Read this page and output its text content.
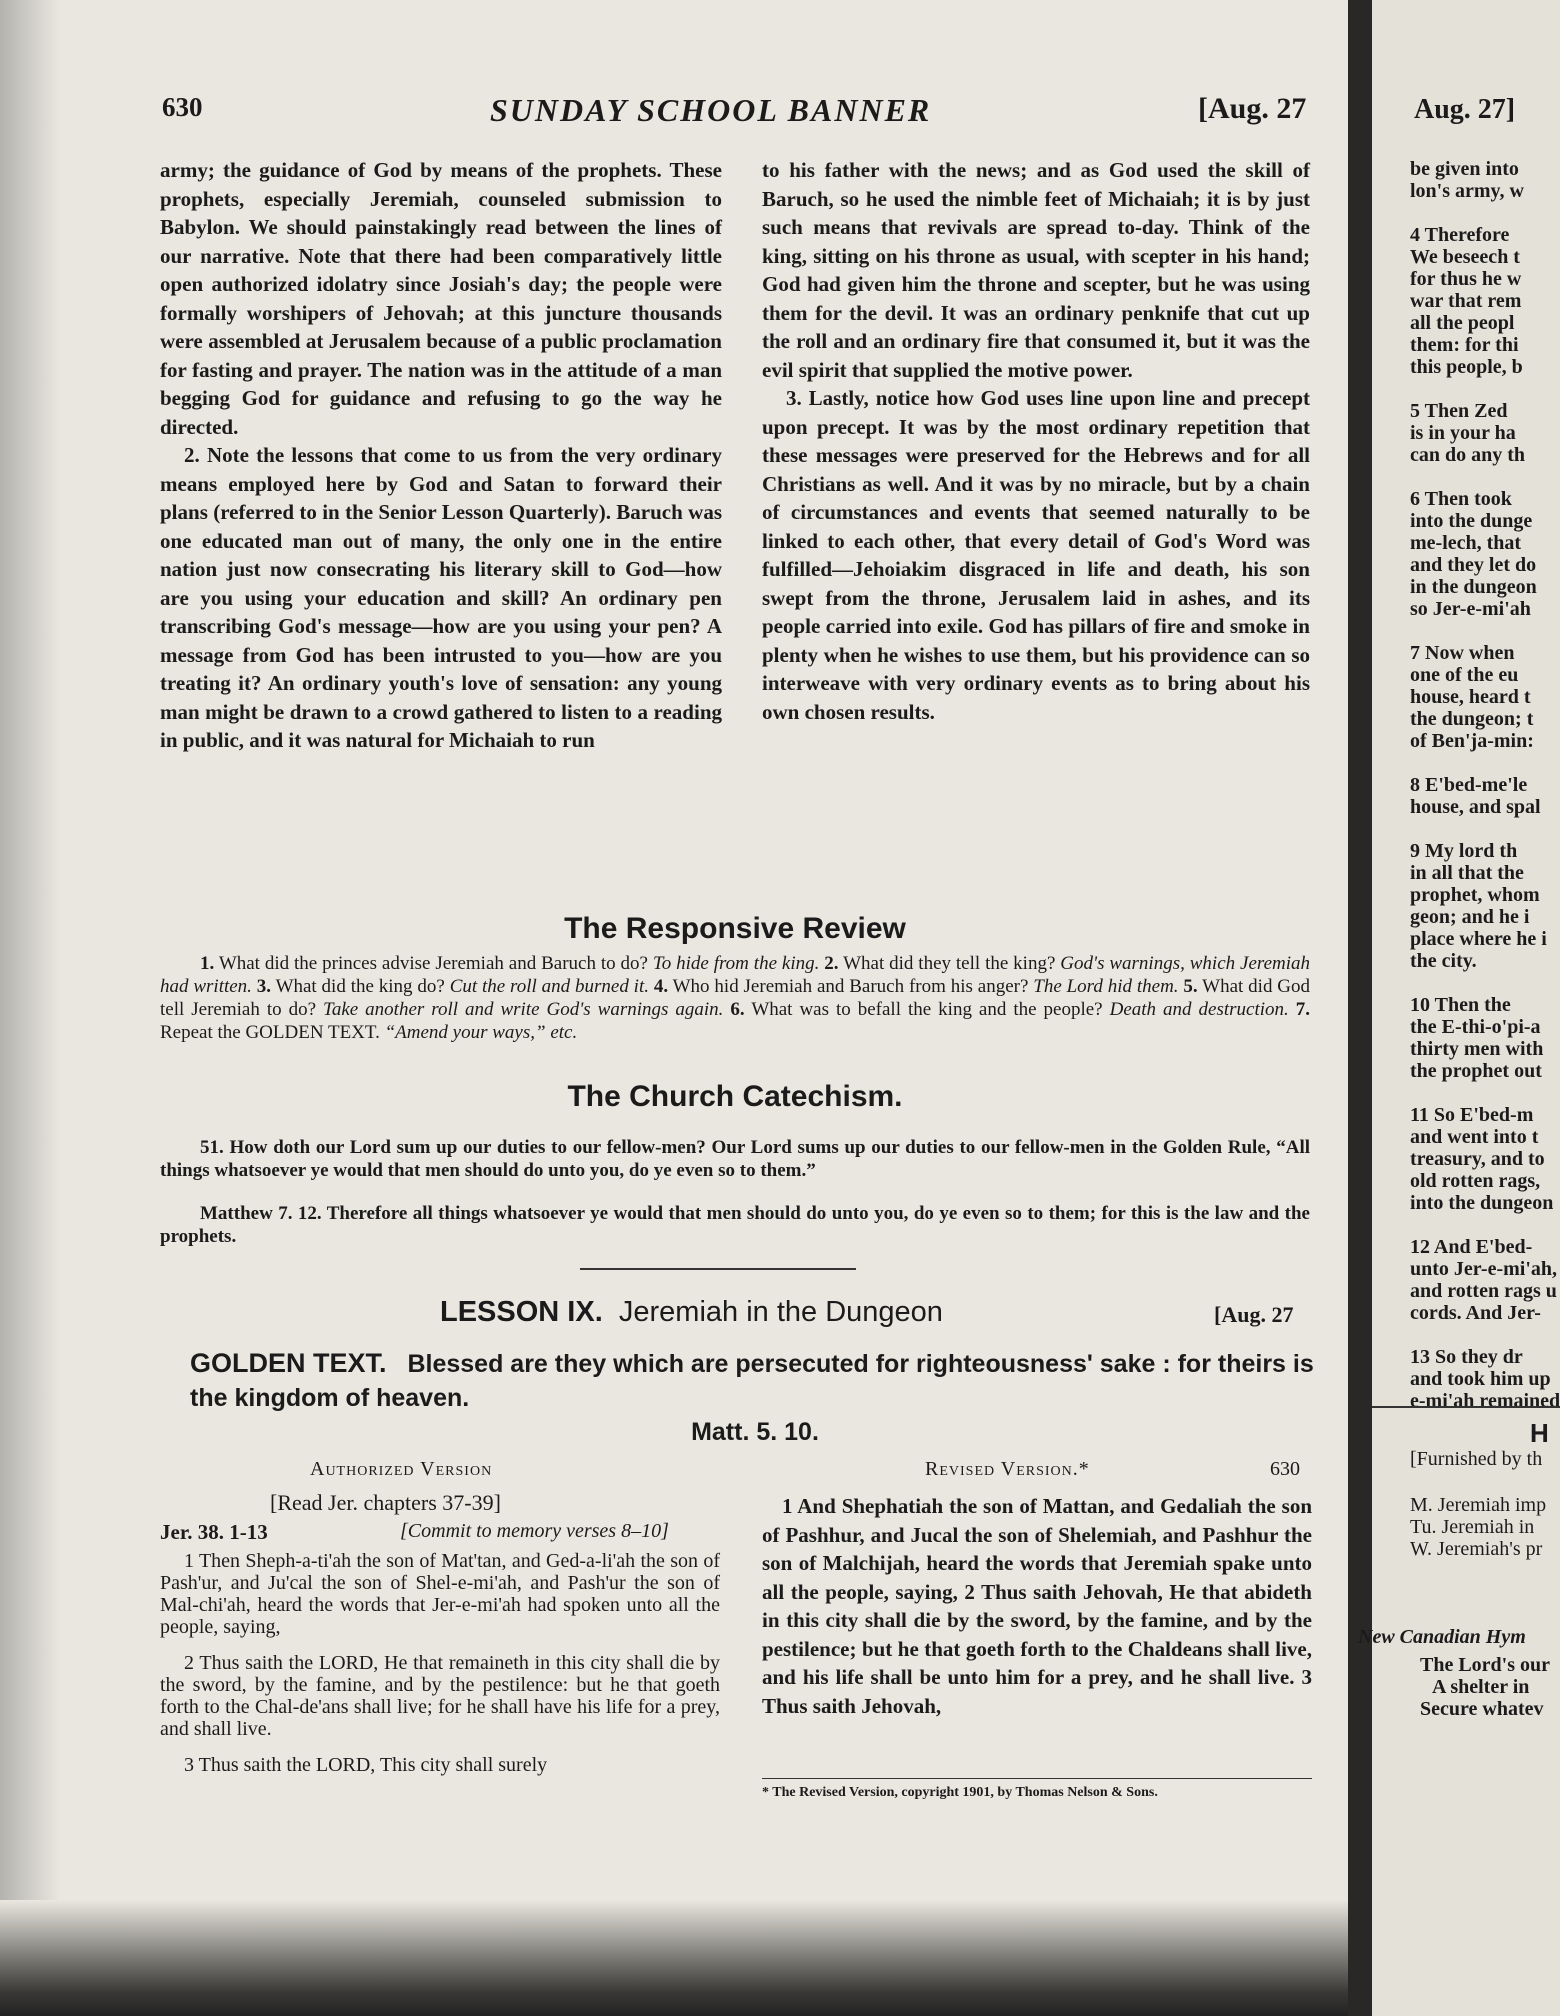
630	SUNDAY SCHOOL BANNER	[Aug. 27

army; the guidance of God by means of the prophets. These prophets, especially Jeremiah, counseled submission to Babylon. We should painstakingly read between the lines of our narrative. Note that there had been comparatively little open authorized idolatry since Josiah's day; the people were formally worshipers of Jehovah; at this juncture thousands were assembled at Jerusalem because of a public proclamation for fasting and prayer. The nation was in the attitude of a man begging God for guidance and refusing to go the way he directed.

2. Note the lessons that come to us from the very ordinary means employed here by God and Satan to forward their plans (referred to in the Senior Lesson Quarterly). Baruch was one educated man out of many, the only one in the entire nation just now consecrating his literary skill to God—how are you using your education and skill? An ordinary pen transcribing God's message—how are you using your pen? A message from God has been intrusted to you—how are you treating it? An ordinary youth's love of sensation: any young man might be drawn to a crowd gathered to listen to a reading in public, and it was natural for Michaiah to run

to his father with the news; and as God used the skill of Baruch, so he used the nimble feet of Michaiah; it is by just such means that revivals are spread to-day. Think of the king, sitting on his throne as usual, with scepter in his hand; God had given him the throne and scepter, but he was using them for the devil. It was an ordinary penknife that cut up the roll and an ordinary fire that consumed it, but it was the evil spirit that supplied the motive power.

3. Lastly, notice how God uses line upon line and precept upon precept. It was by the most ordinary repetition that these messages were preserved for the Hebrews and for all Christians as well. And it was by no miracle, but by a chain of circumstances and events that seemed naturally to be linked to each other, that every detail of God's Word was fulfilled—Jehoiakim disgraced in life and death, his son swept from the throne, Jerusalem laid in ashes, and its people carried into exile. God has pillars of fire and smoke in plenty when he wishes to use them, but his providence can so interweave with very ordinary events as to bring about his own chosen results.

The Responsive Review
1. What did the princes advise Jeremiah and Baruch to do? To hide from the king. 2. What did they tell the king? God's warnings, which Jeremiah had written. 3. What did the king do? Cut the roll and burned it. 4. Who hid Jeremiah and Baruch from his anger? The Lord hid them. 5. What did God tell Jeremiah to do? Take another roll and write God's warnings again. 6. What was to befall the king and the people? Death and destruction. 7. Repeat the GOLDEN TEXT. “Amend your ways,” etc.
The Church Catechism.
51. How doth our Lord sum up our duties to our fellow-men? Our Lord sums up our duties to our fellow-men in the Golden Rule, “All things whatsoever ye would that men should do unto you, do ye even so to them.”
Matthew 7. 12. Therefore all things whatsoever ye would that men should do unto you, do ye even so to them; for this is the law and the prophets.
LESSON IX. Jeremiah in the Dungeon	[Aug. 27
GOLDEN TEXT. Blessed are they which are persecuted for righteousness' sake : for theirs is the kingdom of heaven.
Matt. 5. 10.
Authorized Version	Revised Version.*	630
[Read Jer. chapters 37-39]
Jer. 38. 1-13	[Commit to memory verses 8–10]

1 Then Sheph-a-ti'ah the son of Mat'tan, and Ged-a-li'ah the son of Pash'ur, and Ju'cal the son of Shel-e-mi'ah, and Pash'ur the son of Mal-chi'ah, heard the words that Jer-e-mi'ah had spoken unto all the people, saying,

2 Thus saith the LORD, He that remaineth in this city shall die by the sword, by the famine, and by the pestilence: but he that goeth forth to the Chal-de'ans shall live; for he shall have his life for a prey, and shall live.

3 Thus saith the LORD, This city shall surely

1 And Shephatiah the son of Mattan, and Gedaliah the son of Pashhur, and Jucal the son of Shelemiah, and Pashhur the son of Malchijah, heard the words that Jeremiah spake unto all the people, saying, 2 Thus saith Jehovah, He that abideth in this city shall die by the sword, by the famine, and by the pestilence; but he that goeth forth to the Chaldeans shall live, and his life shall be unto him for a prey, and he shall live. 3 Thus saith Jehovah,

* The Revised Version, copyright 1901, by Thomas Nelson & Sons.
Aug. 27]
be given into
lon's army, w
4 Therefore
We beseech t
for thus he w
war that rem
all the peopl
them: for thi
this people, b
5 Then Zed
is in your ha
can do any th
6 Then took
into the dunge
me-lech, that
and they let do
in the dungeon
so Jer-e-mi'ah
7 Now when
one of the eu
house, heard t
the dungeon; t
of Ben'ja-min:
8 E'bed-me'le
house, and spal
9 My lord th
in all that the
prophet, whom
geon; and he i
place where he i
the city.
10 Then the
the E-thi-o'pi-a
thirty men with
the prophet out
11 So E'bed-m
and went into t
treasury, and to
old rotten rags,
into the dungeon
12 And E'bed-
unto Jer-e-mi'ah,
and rotten rags u
cords. And Jer-
13 So they dr
and took him up
e-mi'ah remained
H
[Furnished by th
M. Jeremiah imp
Tu. Jeremiah in
W. Jeremiah's pr
New Canadian Hym
The Lord's our
A shelter in
Secure whatev
